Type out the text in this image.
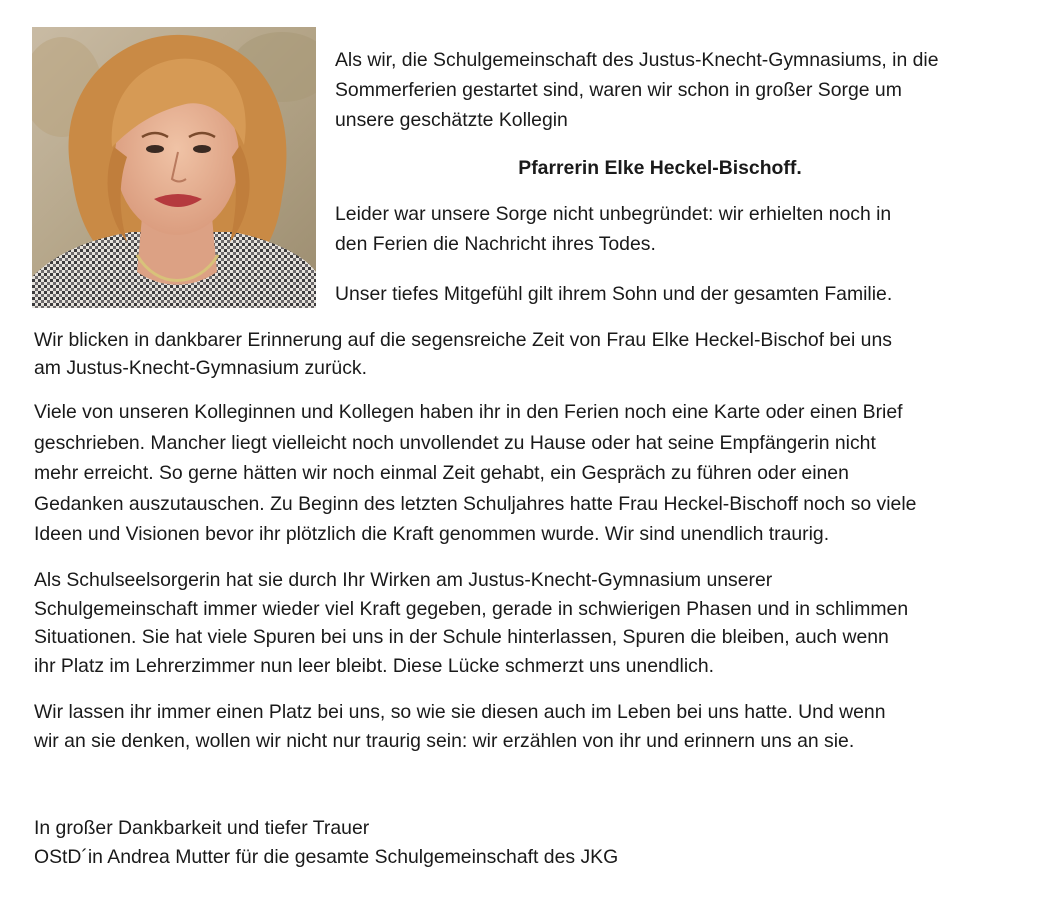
Als wir, die Schulgemeinschaft des Justus-Knecht-Gymnasiums, in die

Sommerferien gestartet sind, waren wir schon in großer Sorge um

unsere geschätzte Kollegin

Pfarrerin Elke Heckel-Bischoff.

Leider war unsere Sorge nicht unbegründet: wir erhielten noch in

den Ferien die Nachricht ihres Todes.

Unser tiefes Mitgefühl gilt ihrem Sohn und der gesamten Familie.

Wir blicken in dankbarer Erinnerung auf die segensreiche Zeit von Frau Elke Heckel-Bischof bei uns

am Justus-Knecht-Gymnasium zurück.

Viele von unseren Kolleginnen und Kollegen haben ihr in den Ferien noch eine Karte oder einen Brief

geschrieben. Mancher liegt vielleicht noch unvollendet zu Hause oder hat seine Empfängerin nicht

mehr erreicht. So gerne hätten wir noch einmal Zeit gehabt, ein Gespräch zu führen oder einen

Gedanken auszutauschen. Zu Beginn des letzten Schuljahres hatte Frau Heckel-Bischoff noch so viele

Ideen und Visionen bevor ihr plötzlich die Kraft genommen wurde. Wir sind unendlich traurig.

Als Schulseelsorgerin hat sie durch Ihr Wirken am Justus-Knecht-Gymnasium unserer

Schulgemeinschaft immer wieder viel Kraft gegeben, gerade in schwierigen Phasen und in schlimmen

Situationen. Sie hat viele Spuren bei uns in der Schule hinterlassen, Spuren die bleiben, auch wenn

ihr Platz im Lehrerzimmer nun leer bleibt. Diese Lücke schmerzt uns unendlich.

Wir lassen ihr immer einen Platz bei uns, so wie sie diesen auch im Leben bei uns hatte. Und wenn

wir an sie denken, wollen wir nicht nur traurig sein: wir erzählen von ihr und erinnern uns an sie.

In großer Dankbarkeit und tiefer Trauer

OStD´in Andrea Mutter für die gesamte Schulgemeinschaft des JKG
